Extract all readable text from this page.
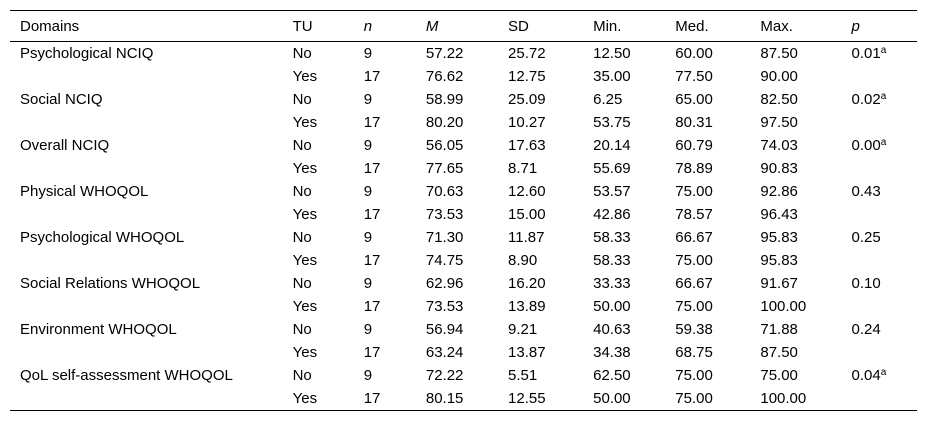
Domains	TU	n	M	SD	Min.	Med.	Max.	p
Psychological NCIQ	No	9	57.22	25.72	12.50	60.00	87.50	0.01$^a$
	Yes	17	76.62	12.75	35.00	77.50	90.00	
Social NCIQ	No	9	58.99	25.09	6.25	65.00	82.50	0.02$^a$
	Yes	17	80.20	10.27	53.75	80.31	97.50	
Overall NCIQ	No	9	56.05	17.63	20.14	60.79	74.03	0.00$^a$
	Yes	17	77.65	8.71	55.69	78.89	90.83	
Physical WHOQOL	No	9	70.63	12.60	53.57	75.00	92.86	0.43
	Yes	17	73.53	15.00	42.86	78.57	96.43	
Psychological WHOQOL	No	9	71.30	11.87	58.33	66.67	95.83	0.25
	Yes	17	74.75	8.90	58.33	75.00	95.83	
Social Relations WHOQOL	No	9	62.96	16.20	33.33	66.67	91.67	0.10
	Yes	17	73.53	13.89	50.00	75.00	100.00	
Environment WHOQOL	No	9	56.94	9.21	40.63	59.38	71.88	0.24
	Yes	17	63.24	13.87	34.38	68.75	87.50	
QoL self-assessment WHOQOL	No	9	72.22	5.51	62.50	75.00	75.00	0.04$^a$
	Yes	17	80.15	12.55	50.00	75.00	100.00	
